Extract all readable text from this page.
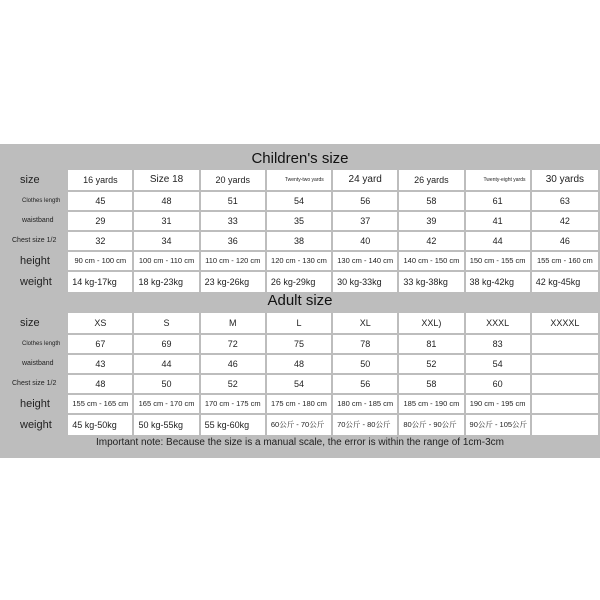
Children's size
size	16 yards	Size 18	20 yards	Twenty-two yards	24 yard	26 yards	Twenty-eight yards	30 yards
Clothes length	45	48	51	54	56	58	61	63
waistband	29	31	33	35	37	39	41	42
Chest size 1/2	32	34	36	38	40	42	44	46
height	90 cm - 100 cm	100 cm - 110 cm	110 cm - 120 cm	120 cm - 130 cm	130 cm - 140 cm	140 cm - 150 cm	150 cm - 155 cm	155 cm - 160 cm
weight	14 kg-17kg	18 kg-23kg	23 kg-26kg	26 kg-29kg	30 kg-33kg	33 kg-38kg	38 kg-42kg	42 kg-45kg
Adult size
size	XS	S	M	L	XL	XXL)	XXXL	XXXXL
Clothes length	67	69	72	75	78	81	83	
waistband	43	44	46	48	50	52	54	
Chest size 1/2	48	50	52	54	56	58	60	
height	155 cm - 165 cm	165 cm - 170 cm	170 cm - 175 cm	175 cm - 180 cm	180 cm - 185 cm	185 cm - 190 cm	190 cm - 195 cm	
weight	45 kg-50kg	50 kg-55kg	55 kg-60kg	60公斤 - 70公斤	70公斤 - 80公斤	80公斤 - 90公斤	90公斤 - 105公斤	
Important note: Because the size is a manual scale, the error is within the range of 1cm-3cm
